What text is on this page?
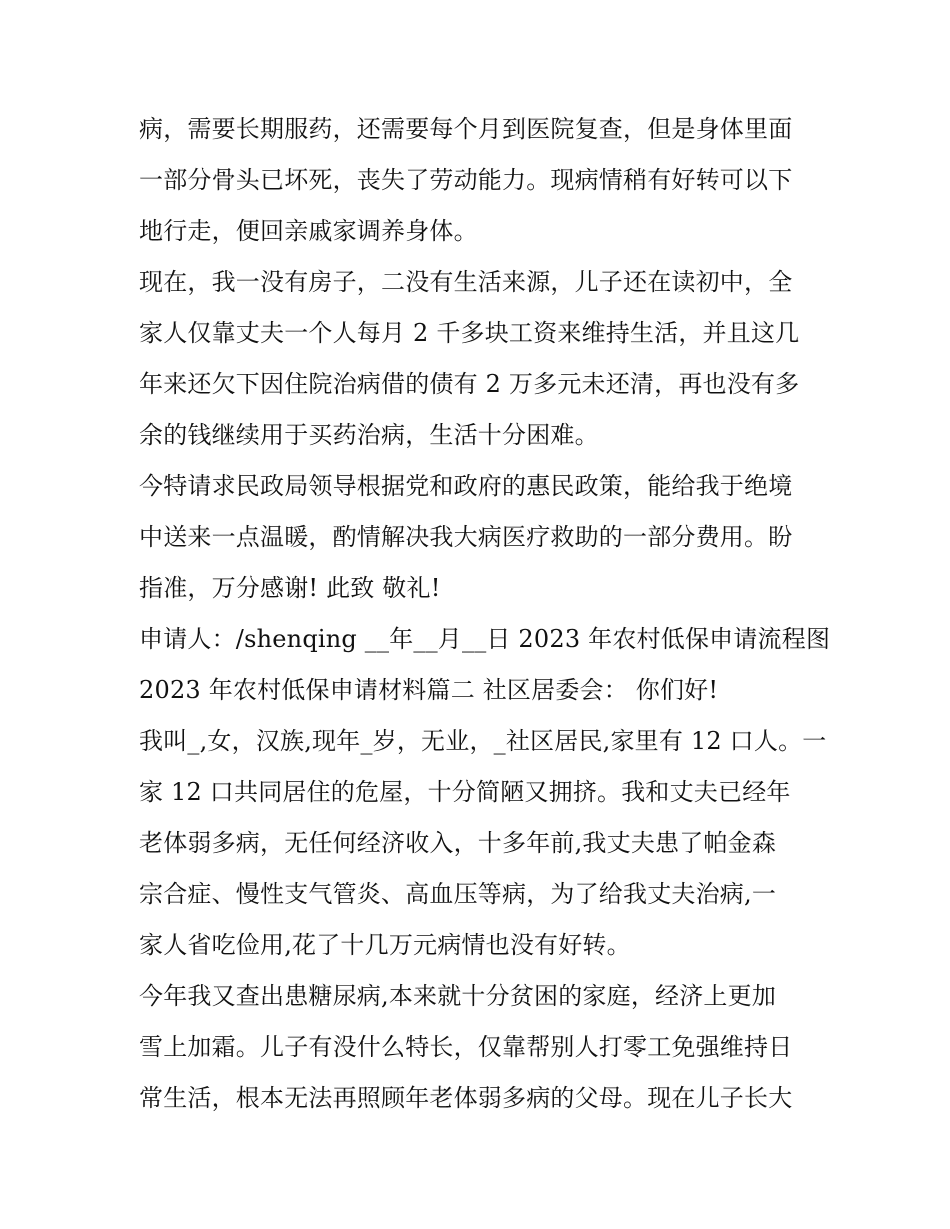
病，需要长期服药，还需要每个月到医院复查，但是身体里面
一部分骨头已坏死，丧失了劳动能力。现病情稍有好转可以下
地行走，便回亲戚家调养身体。
现在，我一没有房子，二没有生活来源，儿子还在读初中，全
家人仅靠丈夫一个人每月 2 千多块工资来维持生活，并且这几
年来还欠下因住院治病借的债有 2 万多元未还清，再也没有多
余的钱继续用于买药治病，生活十分困难。
今特请求民政局领导根据党和政府的惠民政策，能给我于绝境
中送来一点温暖，酌情解决我大病医疗救助的一部分费用。盼
指准，万分感谢! 此致 敬礼!
申请人：/shenqing __年__月__日 2023 年农村低保申请流程图
2023 年农村低保申请材料篇二 社区居委会： 你们好!
我叫_,女，汉族,现年_岁，无业，_社区居民,家里有 12 口人。一
家 12 口共同居住的危屋，十分简陋又拥挤。我和丈夫已经年
老体弱多病，无任何经济收入，十多年前,我丈夫患了帕金森
宗合症、慢性支气管炎、高血压等病，为了给我丈夫治病,一
家人省吃俭用,花了十几万元病情也没有好转。
今年我又查出患糖尿病,本来就十分贫困的家庭，经济上更加
雪上加霜。儿子有没什么特长，仅靠帮别人打零工免强维持日
常生活，根本无法再照顾年老体弱多病的父母。现在儿子长大
